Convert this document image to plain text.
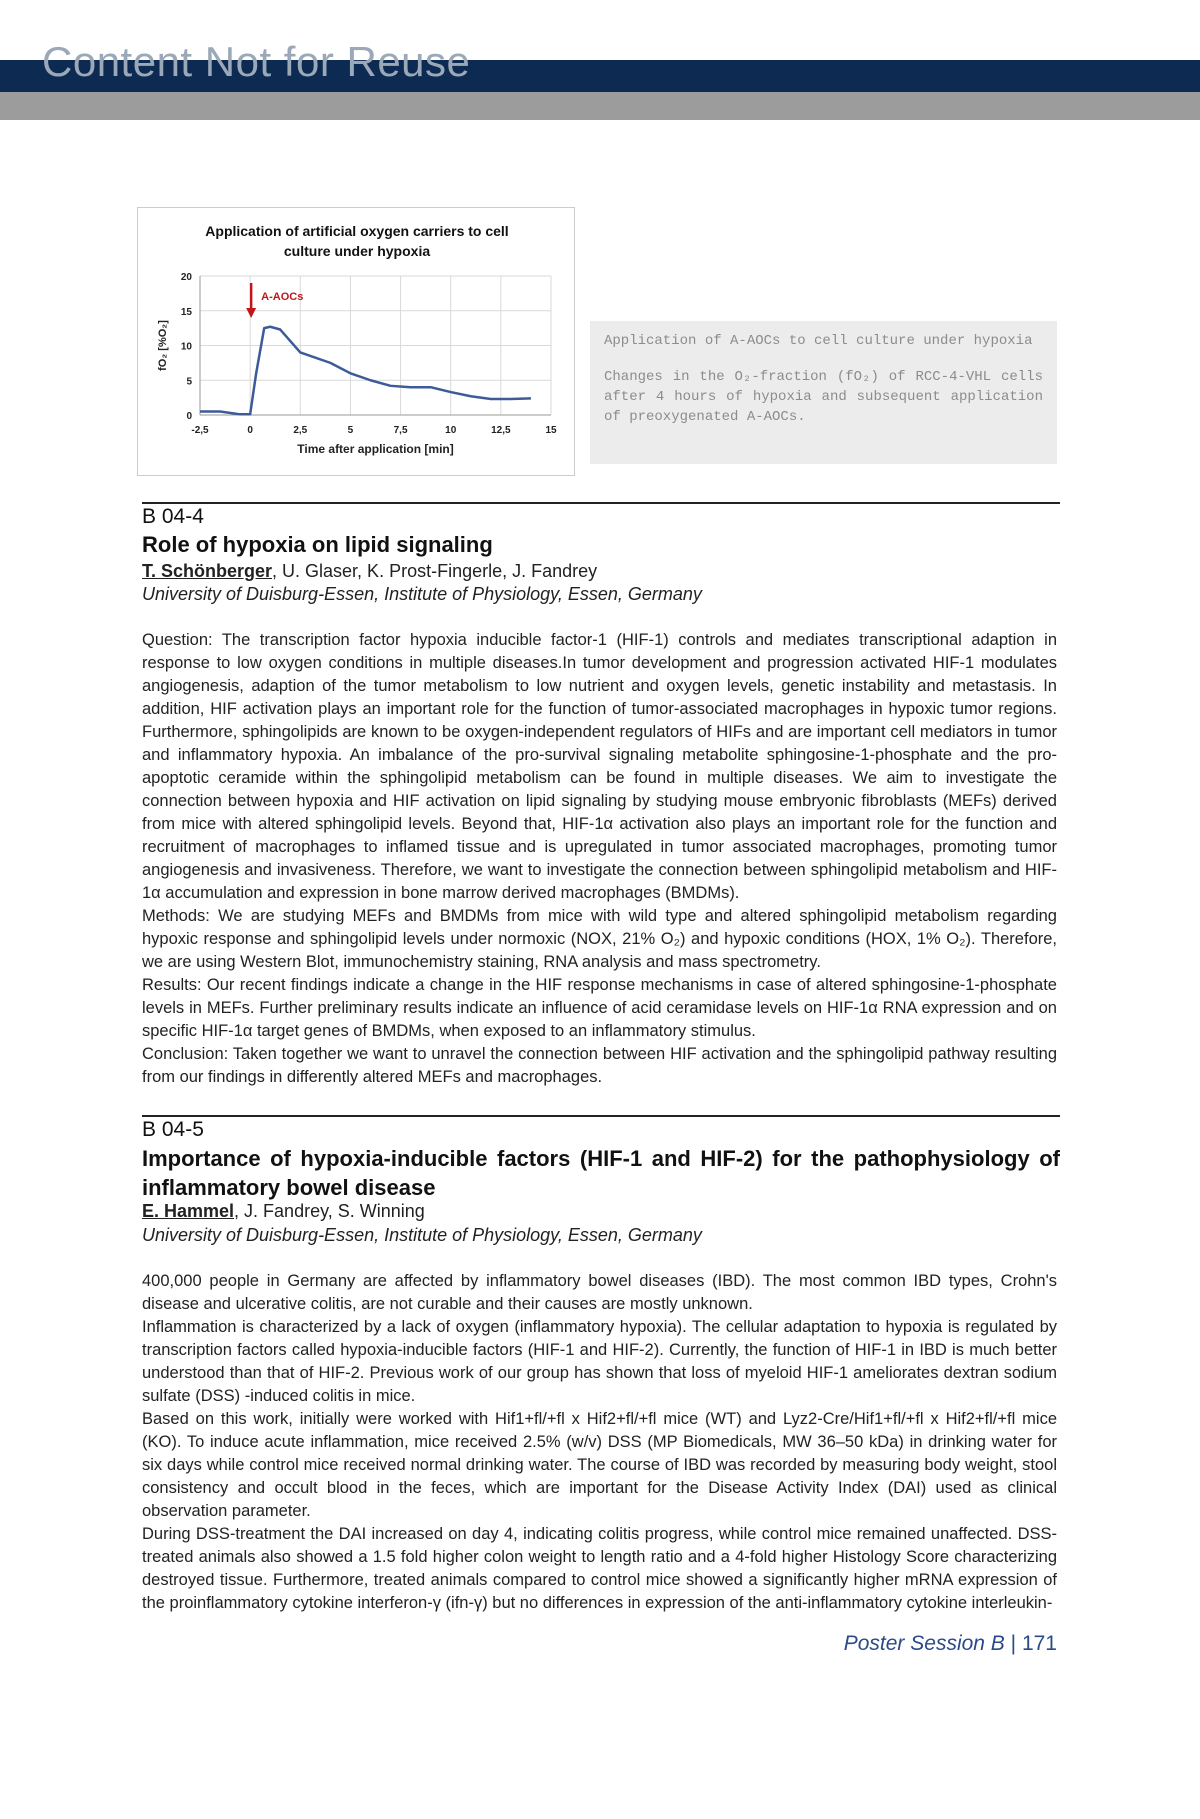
Content Not for Reuse
Application of artificial oxygen carriers to cell
culture under hypoxia
-2,5	0	2,5	5	7,5	10	12,5	15
0
5
10
15
20
Time after application [min]
fO₂ [%O₂]
A-AOCs
Application of A-AOCs to cell culture under hypoxia
Changes in the O₂-fraction (fO₂) of RCC-4-VHL cells after 4 hours of hypoxia and subsequent application of preoxygenated A-AOCs.
B 04-4
Role of hypoxia on lipid signaling
T. Schönberger, U. Glaser, K. Prost-Fingerle, J. Fandrey
University of Duisburg-Essen, Institute of Physiology, Essen, Germany

Question: The transcription factor hypoxia inducible factor-1 (HIF-1) controls and mediates transcriptional adaption in response to low oxygen conditions in multiple diseases.In tumor development and progression activated HIF-1 modulates angiogenesis, adaption of the tumor metabolism to low nutrient and oxygen levels, genetic instability and metastasis. In addition, HIF activation plays an important role for the function of tumor-associated macrophages in hypoxic tumor regions. Furthermore, sphingolipids are known to be oxygen-independent regulators of HIFs and are important cell mediators in tumor and inflammatory hypoxia. An imbalance of the pro-survival signaling metabolite sphingosine-1-phosphate and the pro-apoptotic ceramide within the sphingolipid metabolism can be found in multiple diseases. We aim to investigate the connection between hypoxia and HIF activation on lipid signaling by studying mouse embryonic fibroblasts (MEFs) derived from mice with altered sphingolipid levels. Beyond that, HIF-1α activation also plays an important role for the function and recruitment of macrophages to inflamed tissue and is upregulated in tumor associated macrophages, promoting tumor angiogenesis and invasiveness. Therefore, we want to investigate the connection between sphingolipid metabolism and HIF-1α accumulation and expression in bone marrow derived macrophages (BMDMs).

Methods: We are studying MEFs and BMDMs from mice with wild type and altered sphingolipid metabolism regarding hypoxic response and sphingolipid levels under normoxic (NOX, 21% O₂) and hypoxic conditions (HOX, 1% O₂). Therefore, we are using Western Blot, immunochemistry staining, RNA analysis and mass spectrometry.

Results: Our recent findings indicate a change in the HIF response mechanisms in case of altered sphingosine-1-phosphate levels in MEFs. Further preliminary results indicate an influence of acid ceramidase levels on HIF-1α RNA expression and on specific HIF-1α target genes of BMDMs, when exposed to an inflammatory stimulus.

Conclusion: Taken together we want to unravel the connection between HIF activation and the sphingolipid pathway resulting from our findings in differently altered MEFs and macrophages.

B 04-5
Importance of hypoxia-inducible factors (HIF-1 and HIF-2) for the pathophysiology of inflammatory bowel disease
E. Hammel, J. Fandrey, S. Winning
University of Duisburg-Essen, Institute of Physiology, Essen, Germany

400,000 people in Germany are affected by inflammatory bowel diseases (IBD). The most common IBD types, Crohn's disease and ulcerative colitis, are not curable and their causes are mostly unknown.

Inflammation is characterized by a lack of oxygen (inflammatory hypoxia). The cellular adaptation to hypoxia is regulated by transcription factors called hypoxia-inducible factors (HIF-1 and HIF-2). Currently, the function of HIF-1 in IBD is much better understood than that of HIF-2. Previous work of our group has shown that loss of myeloid HIF-1 ameliorates dextran sodium sulfate (DSS) -induced colitis in mice.

Based on this work, initially were worked with Hif1+fl/+fl x Hif2+fl/+fl mice (WT) and Lyz2-Cre/Hif1+fl/+fl x Hif2+fl/+fl mice (KO). To induce acute inflammation, mice received 2.5% (w/v) DSS (MP Biomedicals, MW 36–50 kDa) in drinking water for six days while control mice received normal drinking water. The course of IBD was recorded by measuring body weight, stool consistency and occult blood in the feces, which are important for the Disease Activity Index (DAI) used as clinical observation parameter.

During DSS-treatment the DAI increased on day 4, indicating colitis progress, while control mice remained unaffected. DSS-treated animals also showed a 1.5 fold higher colon weight to length ratio and a 4-fold higher Histology Score characterizing destroyed tissue. Furthermore, treated animals compared to control mice showed a significantly higher mRNA expression of the proinflammatory cytokine interferon-γ (ifn-γ) but no differences in expression of the anti-inflammatory cytokine interleukin-

Poster Session B | 171
